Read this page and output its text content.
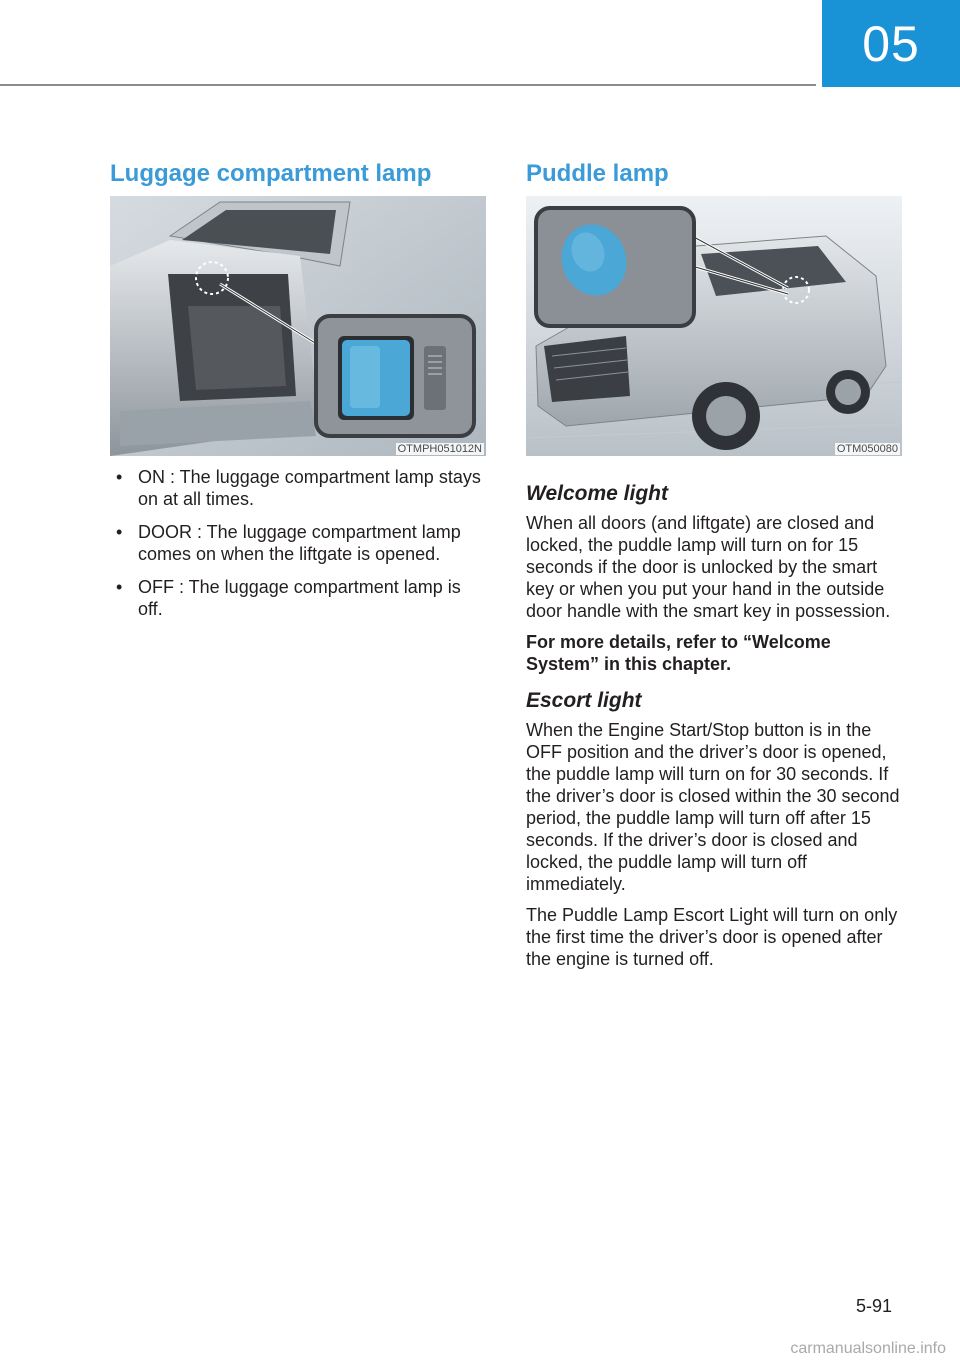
05
Luggage compartment lamp
OTMPH051012N
• ON : The luggage compartment lamp stays on at all times.
• DOOR : The luggage compartment lamp comes on when the liftgate is opened.
• OFF : The luggage compartment lamp is off.
Puddle lamp
OTM050080
Welcome light

When all doors (and liftgate) are closed and locked, the puddle lamp will turn on for 15 seconds if the door is unlocked by the smart key or when you put your hand in the outside door handle with the smart key in possession.

For more details, refer to “Welcome System” in this chapter.

Escort light

When the Engine Start/Stop button is in the OFF position and the driver’s door is opened, the puddle lamp will turn on for 30 seconds. If the driver’s door is closed within the 30 second period, the puddle lamp will turn off after 15 seconds. If the driver’s door is closed and locked, the puddle lamp will turn off immediately.

The Puddle Lamp Escort Light will turn on only the first time the driver’s door is opened after the engine is turned off.

5-91
carmanualsonline.info
